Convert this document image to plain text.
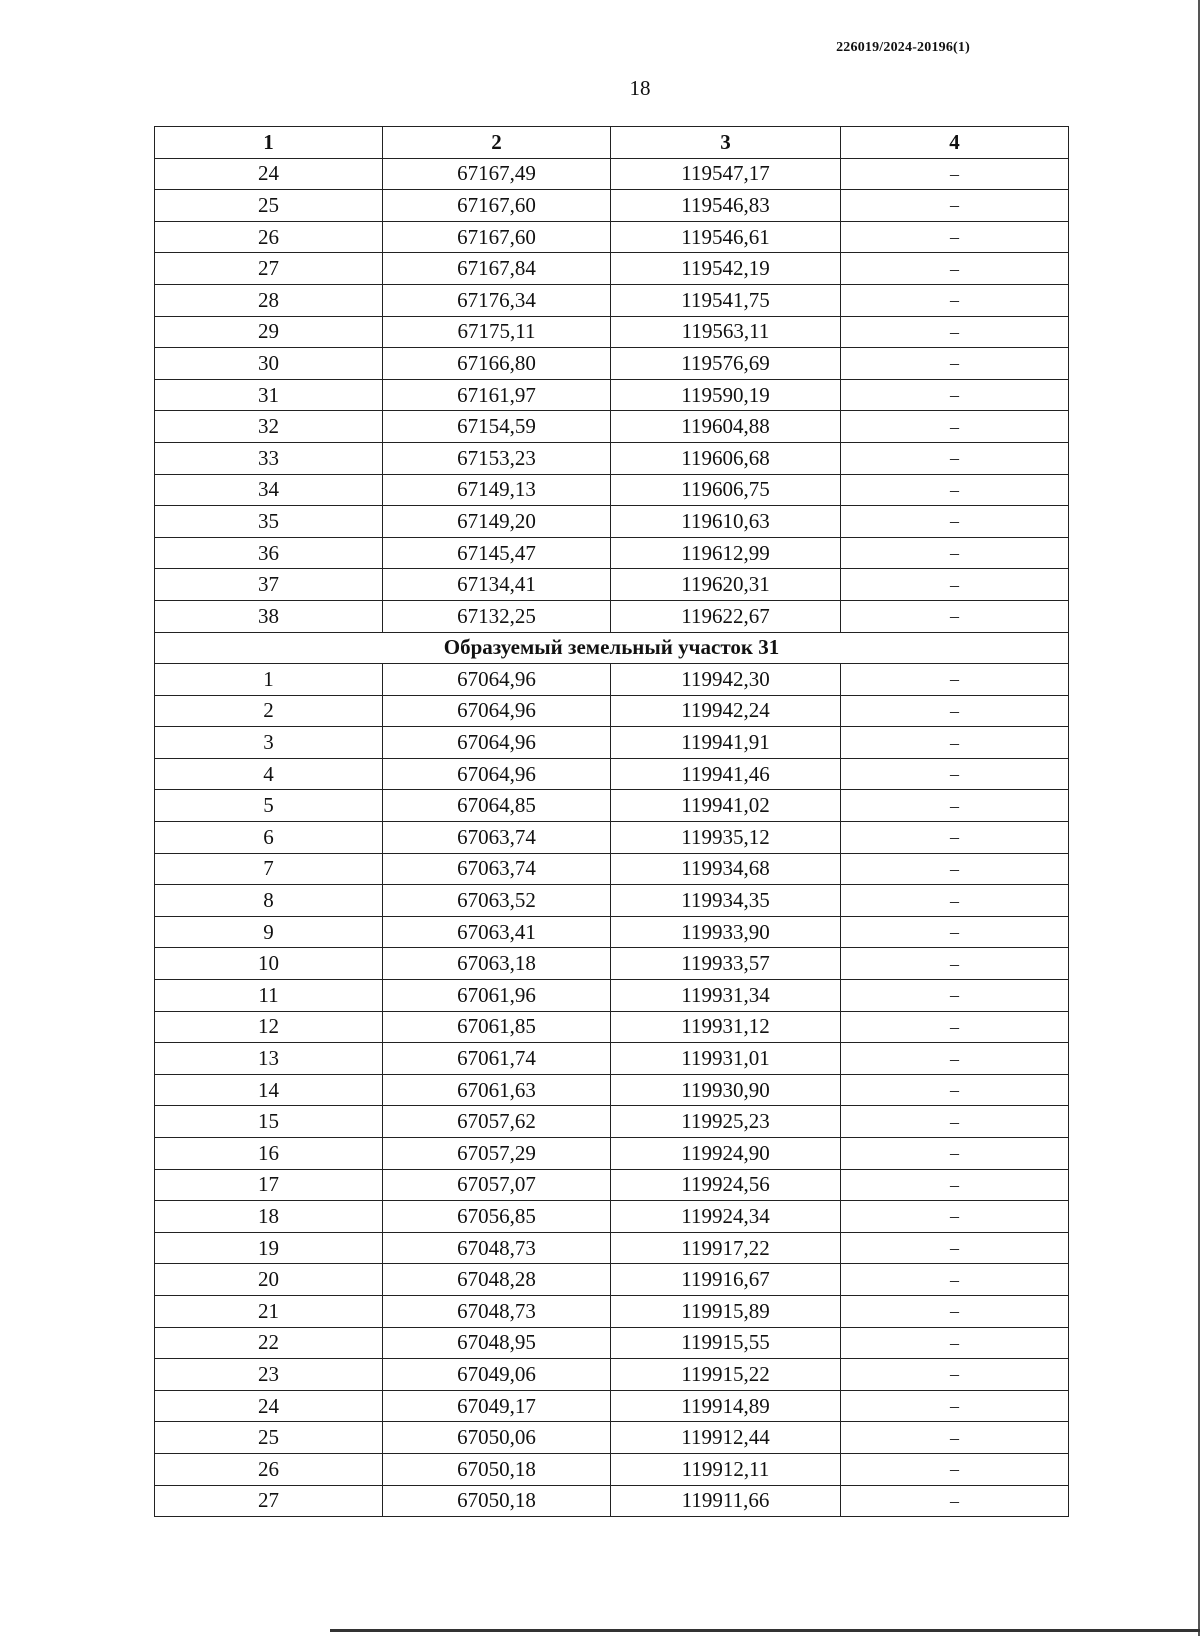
226019/2024-20196(1)
18
1	2	3	4
24	67167,49	119547,17	–
25	67167,60	119546,83	–
26	67167,60	119546,61	–
27	67167,84	119542,19	–
28	67176,34	119541,75	–
29	67175,11	119563,11	–
30	67166,80	119576,69	–
31	67161,97	119590,19	–
32	67154,59	119604,88	–
33	67153,23	119606,68	–
34	67149,13	119606,75	–
35	67149,20	119610,63	–
36	67145,47	119612,99	–
37	67134,41	119620,31	–
38	67132,25	119622,67	–
Образуемый земельный участок 31			
1	67064,96	119942,30	–
2	67064,96	119942,24	–
3	67064,96	119941,91	–
4	67064,96	119941,46	–
5	67064,85	119941,02	–
6	67063,74	119935,12	–
7	67063,74	119934,68	–
8	67063,52	119934,35	–
9	67063,41	119933,90	–
10	67063,18	119933,57	–
11	67061,96	119931,34	–
12	67061,85	119931,12	–
13	67061,74	119931,01	–
14	67061,63	119930,90	–
15	67057,62	119925,23	–
16	67057,29	119924,90	–
17	67057,07	119924,56	–
18	67056,85	119924,34	–
19	67048,73	119917,22	–
20	67048,28	119916,67	–
21	67048,73	119915,89	–
22	67048,95	119915,55	–
23	67049,06	119915,22	–
24	67049,17	119914,89	–
25	67050,06	119912,44	–
26	67050,18	119912,11	–
27	67050,18	119911,66	–
